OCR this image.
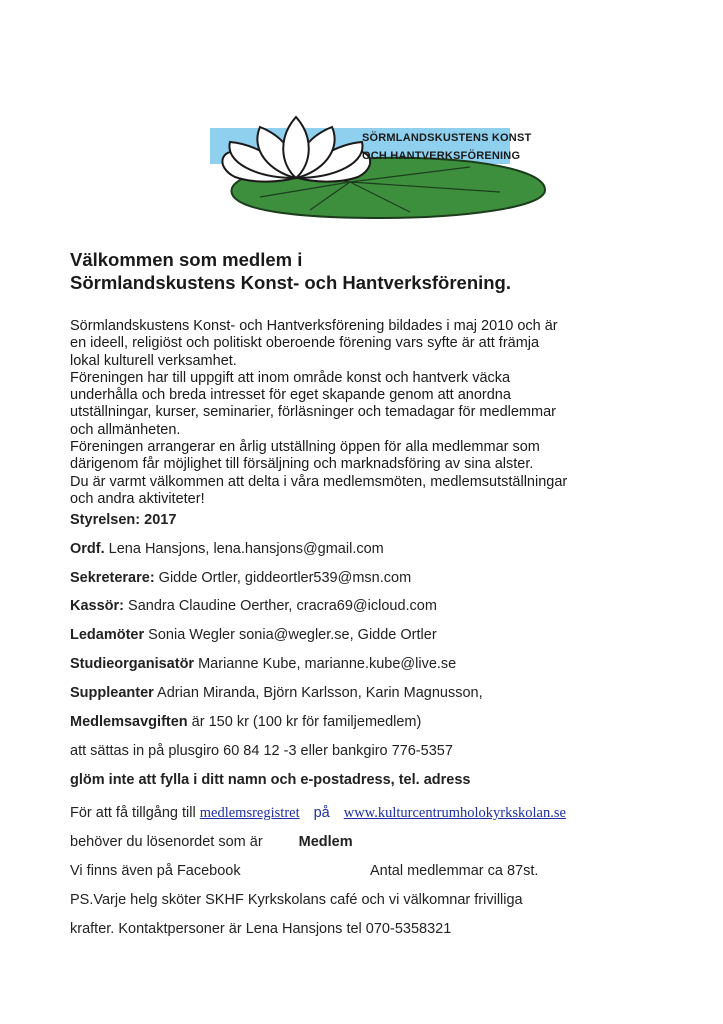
SÖRMLANDSKUSTENS KONST
OCH HANTVERKSFÖRENING
Välkommen som medlem i
Sörmlandskustens Konst- och Hantverksförening.
Sörmlandskustens Konst- och Hantverksförening bildades i maj 2010 och är
en ideell, religiöst och politiskt oberoende förening vars syfte är att främja
lokal kulturell verksamhet.
Föreningen har till uppgift att inom område konst och hantverk väcka
underhålla och breda intresset för eget skapande genom att anordna
utställningar, kurser, seminarier, förläsninger och temadagar för medlemmar
och allmänheten.
Föreningen arrangerar en årlig utställning öppen för alla medlemmar som
därigenom får möjlighet till försäljning och marknadsföring av sina alster.
Du är varmt välkommen att delta i våra medlemsmöten, medlemsutställningar
och andra aktiviteter!
Styrelsen: 2017
Ordf. Lena Hansjons, lena.hansjons@gmail.com
Sekreterare: Gidde Ortler, giddeortler539@msn.com
Kassör: Sandra Claudine Oerther, cracra69@icloud.com
Ledamöter Sonia Wegler sonia@wegler.se, Gidde Ortler
Studieorganisatör Marianne Kube, marianne.kube@live.se
Suppleanter Adrian Miranda, Björn Karlsson, Karin Magnusson,
Medlemsavgiften är 150 kr (100 kr för familjemedlem)
att sättas in på plusgiro 60 84 12 -3 eller bankgiro 776-5357
glöm inte att fylla i ditt namn och e-postadress, tel. adress
För att få tillgång till medlemsregistret på www.kulturcentrumholokyrkskolan.se
behöver du lösenordet som är Medlem
Vi finns även på Facebook	Antal medlemmar ca 87st.
PS.Varje helg sköter SKHF Kyrkskolans café och vi välkomnar frivilliga
krafter. Kontaktpersoner är Lena Hansjons tel 070-5358321
